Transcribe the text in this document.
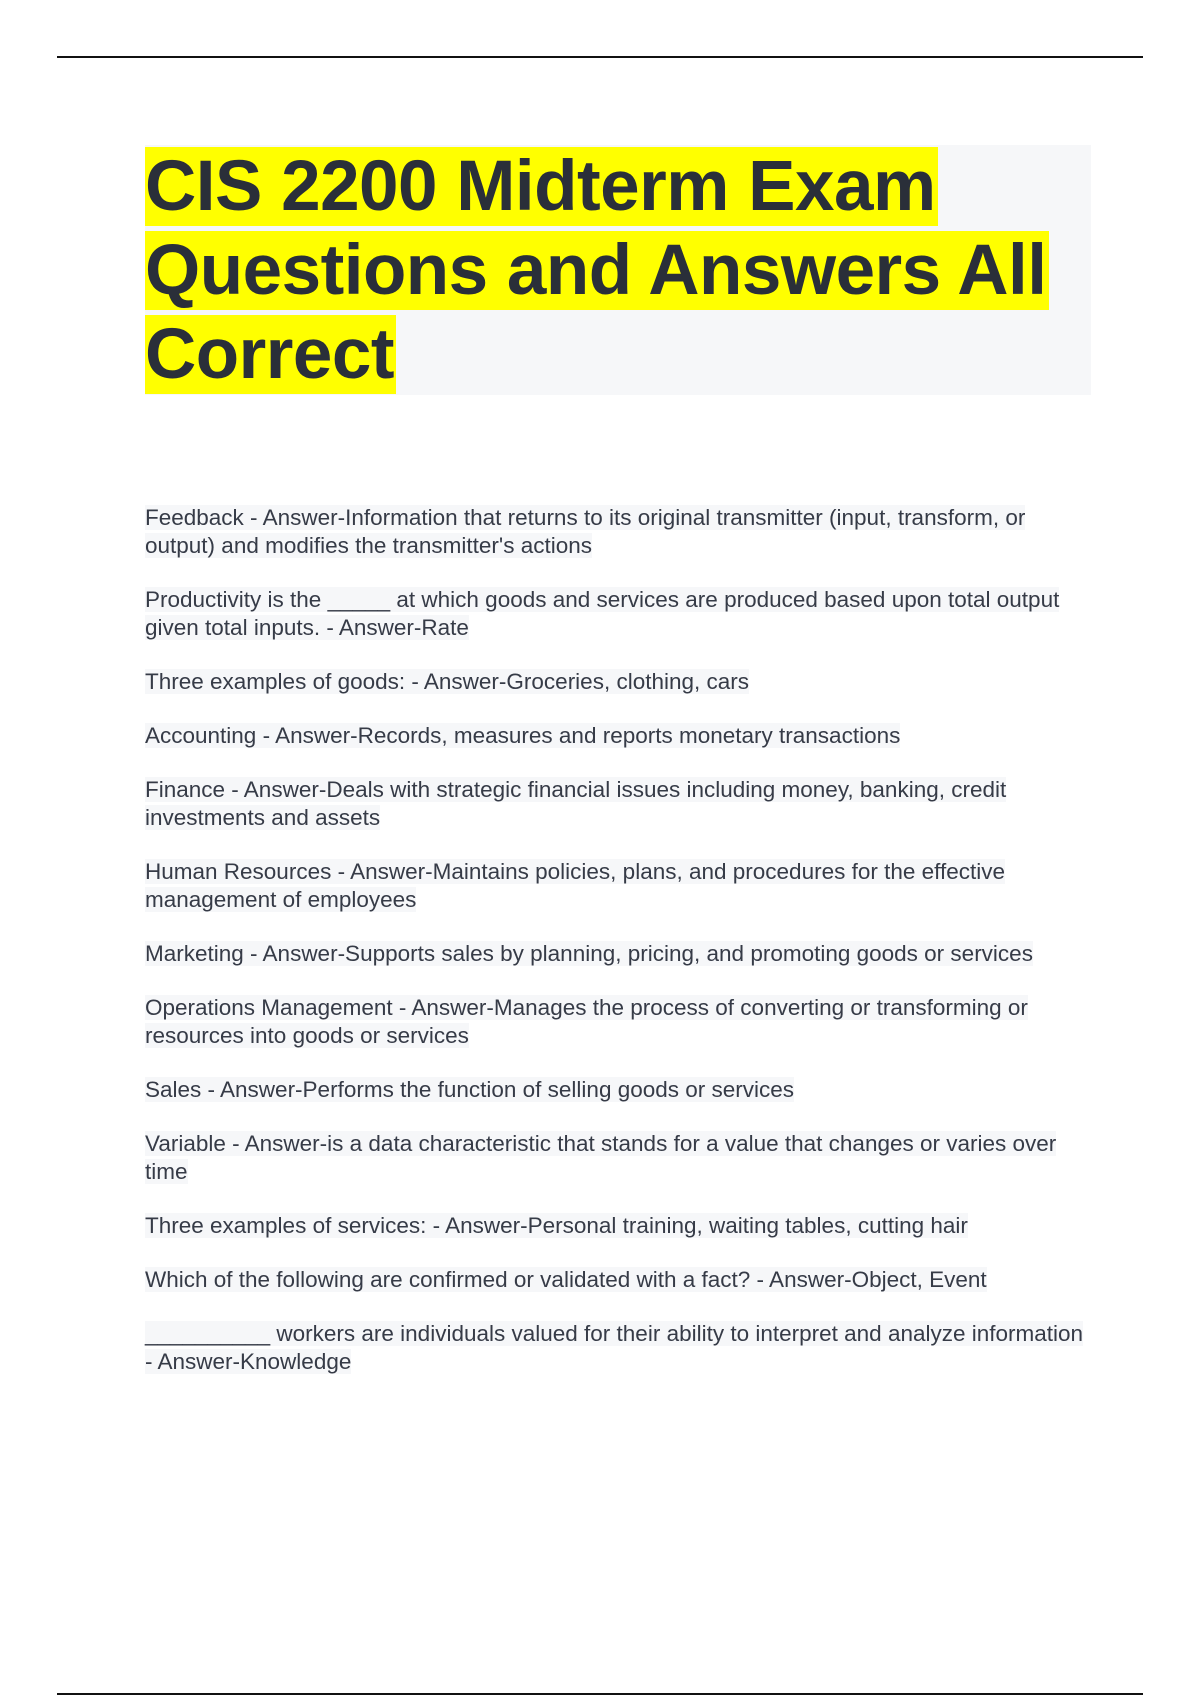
CIS 2200 Midterm Exam Questions and Answers All Correct

Feedback - Answer-Information that returns to its original transmitter (input, transform, or output) and modifies the transmitter's actions

Productivity is the _____ at which goods and services are produced based upon total output given total inputs. - Answer-Rate

Three examples of goods: - Answer-Groceries, clothing, cars

Accounting - Answer-Records, measures and reports monetary transactions

Finance - Answer-Deals with strategic financial issues including money, banking, credit investments and assets

Human Resources - Answer-Maintains policies, plans, and procedures for the effective management of employees

Marketing - Answer-Supports sales by planning, pricing, and promoting goods or services

Operations Management - Answer-Manages the process of converting or transforming or resources into goods or services

Sales - Answer-Performs the function of selling goods or services

Variable - Answer-is a data characteristic that stands for a value that changes or varies over time

Three examples of services: - Answer-Personal training, waiting tables, cutting hair

Which of the following are confirmed or validated with a fact? - Answer-Object, Event

__________ workers are individuals valued for their ability to interpret and analyze information - Answer-Knowledge
